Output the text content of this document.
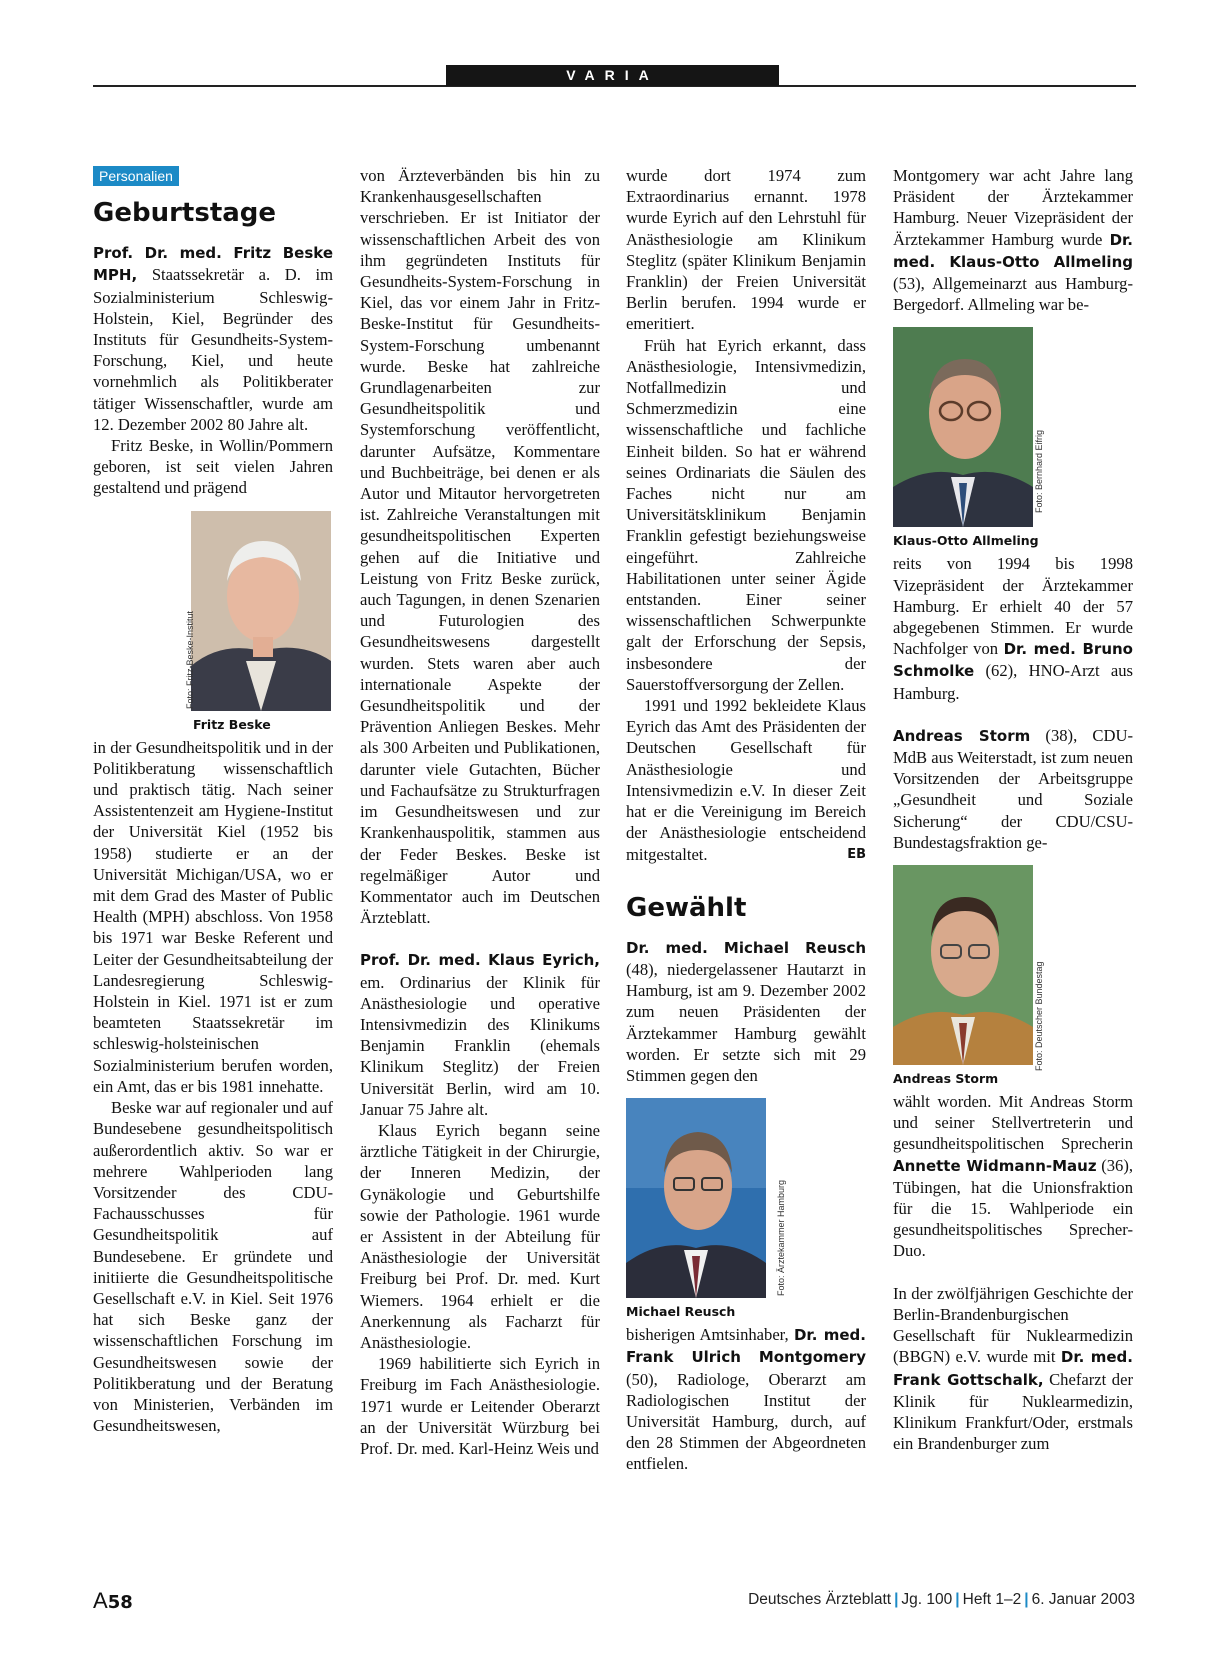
VARIA
Personalien
Geburtstage

Prof. Dr. med. Fritz Beske MPH, Staatssekretär a. D. im Sozialministerium Schleswig-Holstein, Kiel, Begründer des Instituts für Gesundheits-System-Forschung, Kiel, und heute vornehmlich als Politikberater tätiger Wissenschaftler, wurde am 12. Dezember 2002 80 Jahre alt.

Fritz Beske, in Wollin/Pommern geboren, ist seit vielen Jahren gestaltend und prägend

Foto: Fritz-Beske-Institut
Fritz Beske

in der Gesundheitspolitik und in der Politikberatung wissenschaftlich und praktisch tätig. Nach seiner Assistentenzeit am Hygiene-Institut der Universität Kiel (1952 bis 1958) studierte er an der Universität Michigan/USA, wo er mit dem Grad des Master of Public Health (MPH) abschloss. Von 1958 bis 1971 war Beske Referent und Leiter der Gesundheitsabteilung der Landesregierung Schleswig-Holstein in Kiel. 1971 ist er zum beamteten Staatssekretär im schleswig-holsteinischen Sozialministerium berufen worden, ein Amt, das er bis 1981 innehatte.

Beske war auf regionaler und auf Bundesebene gesundheitspolitisch außerordentlich aktiv. So war er mehrere Wahlperioden lang Vorsitzender des CDU-Fachausschusses für Gesundheitspolitik auf Bundesebene. Er gründete und initiierte die Gesundheitspolitische Gesellschaft e.V. in Kiel. Seit 1976 hat sich Beske ganz der wissenschaftlichen Forschung im Gesundheitswesen sowie der Politikberatung und der Beratung von Ministerien, Verbänden im Gesundheitswesen,

von Ärzteverbänden bis hin zu Krankenhausgesellschaften verschrieben. Er ist Initiator der wissenschaftlichen Arbeit des von ihm gegründeten Instituts für Gesundheits-System-Forschung in Kiel, das vor einem Jahr in Fritz-Beske-Institut für Gesundheits-System-Forschung umbenannt wurde. Beske hat zahlreiche Grundlagenarbeiten zur Gesundheitspolitik und Systemforschung veröffentlicht, darunter Aufsätze, Kommentare und Buchbeiträge, bei denen er als Autor und Mitautor hervorgetreten ist. Zahlreiche Veranstaltungen mit gesundheitspolitischen Experten gehen auf die Initiative und Leistung von Fritz Beske zurück, auch Tagungen, in denen Szenarien und Futurologien des Gesundheitswesens dargestellt wurden. Stets waren aber auch internationale Aspekte der Gesundheitspolitik und der Prävention Anliegen Beskes. Mehr als 300 Arbeiten und Publikationen, darunter viele Gutachten, Bücher und Fachaufsätze zu Strukturfragen im Gesundheitswesen und zur Krankenhauspolitik, stammen aus der Feder Beskes. Beske ist regelmäßiger Autor und Kommentator auch im Deutschen Ärzteblatt.

Prof. Dr. med. Klaus Eyrich, em. Ordinarius der Klinik für Anästhesiologie und operative Intensivmedizin des Klinikums Benjamin Franklin (ehemals Klinikum Steglitz) der Freien Universität Berlin, wird am 10. Januar 75 Jahre alt.

Klaus Eyrich begann seine ärztliche Tätigkeit in der Chirurgie, der Inneren Medizin, der Gynäkologie und Geburtshilfe sowie der Pathologie. 1961 wurde er Assistent in der Abteilung für Anästhesiologie der Universität Freiburg bei Prof. Dr. med. Kurt Wiemers. 1964 erhielt er die Anerkennung als Facharzt für Anästhesiologie.

1969 habilitierte sich Eyrich in Freiburg im Fach Anästhesiologie. 1971 wurde er Leitender Oberarzt an der Universität Würzburg bei Prof. Dr. med. Karl-Heinz Weis und

wurde dort 1974 zum Extraordinarius ernannt. 1978 wurde Eyrich auf den Lehrstuhl für Anästhesiologie am Klinikum Steglitz (später Klinikum Benjamin Franklin) der Freien Universität Berlin berufen. 1994 wurde er emeritiert.

Früh hat Eyrich erkannt, dass Anästhesiologie, Intensivmedizin, Notfallmedizin und Schmerzmedizin eine wissenschaftliche und fachliche Einheit bilden. So hat er während seines Ordinariats die Säulen des Faches nicht nur am Universitätsklinikum Benjamin Franklin gefestigt beziehungsweise eingeführt. Zahlreiche Habilitationen unter seiner Ägide entstanden. Einer seiner wissenschaftlichen Schwerpunkte galt der Erforschung der Sepsis, insbesondere der Sauerstoffversorgung der Zellen.

1991 und 1992 bekleidete Klaus Eyrich das Amt des Präsidenten der Deutschen Gesellschaft für Anästhesiologie und Intensivmedizin e.V. In dieser Zeit hat er die Vereinigung im Bereich der Anästhesiologie entscheidend mitgestaltet.	EB

Gewählt

Dr. med. Michael Reusch (48), niedergelassener Hautarzt in Hamburg, ist am 9. Dezember 2002 zum neuen Präsidenten der Ärztekammer Hamburg gewählt worden. Er setzte sich mit 29 Stimmen gegen den

Foto: Ärztekammer Hamburg
Michael Reusch

bisherigen Amtsinhaber, Dr. med. Frank Ulrich Montgomery (50), Radiologe, Oberarzt am Radiologischen Institut der Universität Hamburg, durch, auf den 28 Stimmen der Abgeordneten entfielen.

Montgomery war acht Jahre lang Präsident der Ärztekammer Hamburg. Neuer Vizepräsident der Ärztekammer Hamburg wurde Dr. med. Klaus-Otto Allmeling (53), Allgemeinarzt aus Hamburg-Bergedorf. Allmeling war be-

Foto: Bernhard Eifrig
Klaus-Otto Allmeling

reits von 1994 bis 1998 Vizepräsident der Ärztekammer Hamburg. Er erhielt 40 der 57 abgegebenen Stimmen. Er wurde Nachfolger von Dr. med. Bruno Schmolke (62), HNO-Arzt aus Hamburg.

Andreas Storm (38), CDU-MdB aus Weiterstadt, ist zum neuen Vorsitzenden der Arbeitsgruppe „Gesundheit und Soziale Sicherung“ der CDU/CSU-Bundestagsfraktion ge-

Foto: Deutscher Bundestag
Andreas Storm

wählt worden. Mit Andreas Storm und seiner Stellvertreterin und gesundheitspolitischen Sprecherin Annette Widmann-Mauz (36), Tübingen, hat die Unionsfraktion für die 15. Wahlperiode ein gesundheitspolitisches Sprecher-Duo.

In der zwölfjährigen Geschichte der Berlin-Brandenburgischen Gesellschaft für Nuklearmedizin (BBGN) e.V. wurde mit Dr. med. Frank Gottschalk, Chefarzt der Klinik für Nuklearmedizin, Klinikum Frankfurt/Oder, erstmals ein Brandenburger zum

A58	Deutsches Ärzteblatt | Jg. 100 | Heft 1–2 | 6. Januar 2003
